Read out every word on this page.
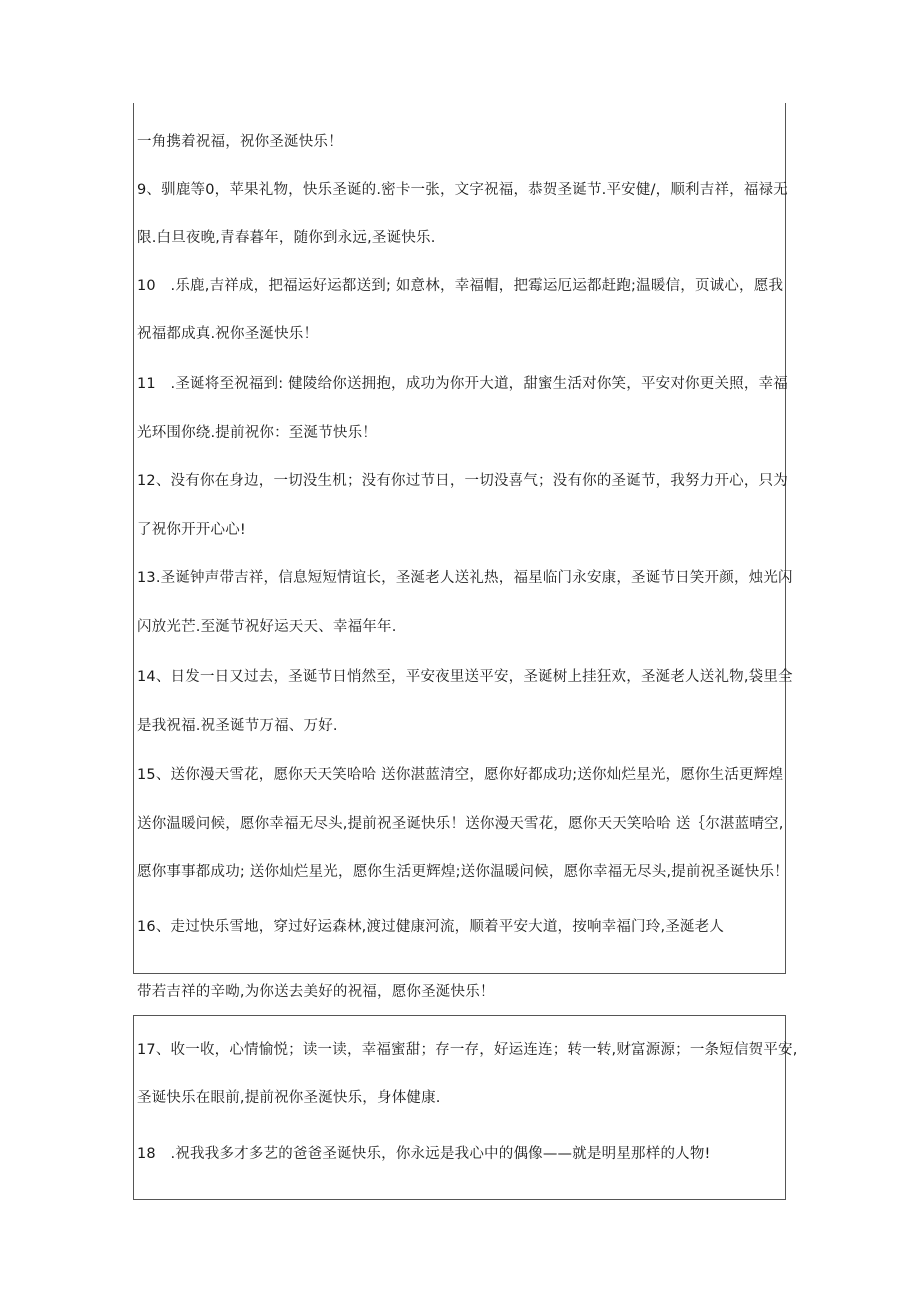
一角携着祝福，祝你圣涎快乐！
9、驯鹿等0，苹果礼物，快乐圣诞的.密卡一张，文字祝福，恭贺圣诞节.平安健/，顺利吉祥，福禄无
限.白旦夜晚,青春暮年，随你到永远,圣诞快乐.
10　.乐鹿,吉祥成，把福运好运都送到; 如意林，幸福帽，把霉运厄运都赶跑;温暖信，页诚心，愿我
祝福都成真.祝你圣涎快乐！
11　.圣诞将至祝福到: 健陵给你送拥抱，成功为你开大道，甜蜜生活对你笑，平安对你更关照，幸福
光环围你绕.提前祝你：至涎节快乐！
12、没有你在身边，一切没生机；没有你过节日，一切没喜气；没有你的圣诞节，我努力开心，只为
了祝你开开心心!
13.圣诞钟声带吉祥，信息短短情谊长，圣涎老人送礼热，福星临门永安康，圣诞节日笑开颜，烛光闪
闪放光芒.至涎节祝好运天天、幸福年年.
14、日发一日又过去，圣诞节日悄然至，平安夜里送平安，圣诞树上挂狂欢，圣涎老人送礼物,袋里全
是我祝福.祝圣诞节万福、万好.
15、送你漫天雪花，愿你天天笑哈哈 送你湛蓝清空，愿你好都成功;送你灿烂星光，愿你生活更辉煌
送你温暖问候，愿你幸福无尽头,提前祝圣诞快乐！送你漫天雪花，愿你天天笑哈哈 送｛尔湛蓝晴空,
愿你事事都成功; 送你灿烂星光，愿你生活更辉煌;送你温暖问候，愿你幸福无尽头,提前祝圣诞快乐！
16、走过快乐雪地，穿过好运森林,渡过健康河流，顺着平安大道，按响幸福门玲,圣涎老人
带若吉祥的辛呦,为你送去美好的祝福，愿你圣涎快乐！
17、收一收，心情愉悦；读一读，幸福蜜甜；存一存，好运连连；转一转,财富源源；一条短信贺平安,
圣诞快乐在眼前,提前祝你圣涎快乐，身体健康.
18　.祝我我多才多艺的爸爸圣诞快乐，你永远是我心中的偶像——就是明星那样的人物!
